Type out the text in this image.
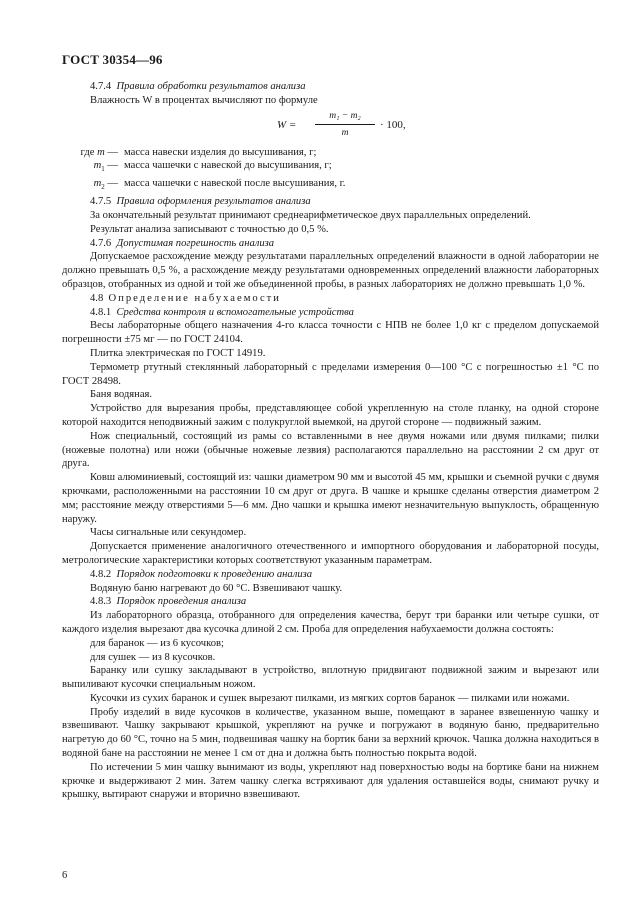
ГОСТ 30354—96

4.7.4 Правила обработки результатов анализа

Влажность W в процентах вычисляют по формуле

$W = \frac{\text{m₁ − m₂}}{m} \cdot 100$,
где m — масса навески изделия до высушивания, г;
$m_1$ — масса чашечки с навеской до высушивания, г;
$m_2$ — масса чашечки с навеской после высушивания, г.

4.7.5 Правила оформления результатов анализа

За окончательный результат принимают среднеарифметическое двух параллельных определений.

Результат анализа записывают с точностью до 0,5 %.

4.7.6 Допустимая погрешность анализа

Допускаемое расхождение между результатами параллельных определений влажности в одной лаборатории не должно превышать 0,5 %, а расхождение между результатами одновременных определений влажности лабораторных образцов, отобранных из одной и той же объединенной пробы, в разных лабораториях не должно превышать 1,0 %.

4.8 Определение набухаемости

4.8.1 Средства контроля и вспомогательные устройства

Весы лабораторные общего назначения 4-го класса точности с НПВ не более 1,0 кг с пределом допускаемой погрешности ±75 мг — по ГОСТ 24104.

Плитка электрическая по ГОСТ 14919.

Термометр ртутный стеклянный лабораторный с пределами измерения 0—100 °С с погрешностью ±1 °С по ГОСТ 28498.

Баня водяная.

Устройство для вырезания пробы, представляющее собой укрепленную на столе планку, на одной стороне которой находится неподвижный зажим с полукруглой выемкой, на другой стороне — подвижный зажим.

Нож специальный, состоящий из рамы со вставленными в нее двумя ножами или двумя пилками; пилки (ножевые полотна) или ножи (обычные ножевые лезвия) располагаются параллельно на расстоянии 2 см друг от друга.

Ковш алюминиевый, состоящий из: чашки диаметром 90 мм и высотой 45 мм, крышки и съемной ручки с двумя крючками, расположенными на расстоянии 10 см друг от друга. В чашке и крышке сделаны отверстия диаметром 2 мм; расстояние между отверстиями 5—6 мм. Дно чашки и крышка имеют незначительную выпуклость, обращенную наружу.

Часы сигнальные или секундомер.

Допускается применение аналогичного отечественного и импортного оборудования и лабораторной посуды, метрологические характеристики которых соответствуют указанным параметрам.

4.8.2 Порядок подготовки к проведению анализа

Водяную баню нагревают до 60 °С. Взвешивают чашку.

4.8.3 Порядок проведения анализа

Из лабораторного образца, отобранного для определения качества, берут три баранки или четыре сушки, от каждого изделия вырезают два кусочка длиной 2 см. Проба для определения набухаемости должна состоять:

для баранок — из 6 кусочков;

для сушек — из 8 кусочков.

Баранку или сушку закладывают в устройство, вплотную придвигают подвижной зажим и вырезают или выпиливают кусочки специальным ножом.

Кусочки из сухих баранок и сушек вырезают пилками, из мягких сортов баранок — пилками или ножами.

Пробу изделий в виде кусочков в количестве, указанном выше, помещают в заранее взвешенную чашку и взвешивают. Чашку закрывают крышкой, укрепляют на ручке и погружают в водяную баню, предварительно нагретую до 60 °С, точно на 5 мин, подвешивая чашку на бортик бани за верхний крючок. Чашка должна находиться в водяной бане на расстоянии не менее 1 см от дна и должна быть полностью покрыта водой.

По истечении 5 мин чашку вынимают из воды, укрепляют над поверхностью воды на бортике бани на нижнем крючке и выдерживают 2 мин. Затем чашку слегка встряхивают для удаления оставшейся воды, снимают ручку и крышку, вытирают снаружи и вторично взвешивают.

6
